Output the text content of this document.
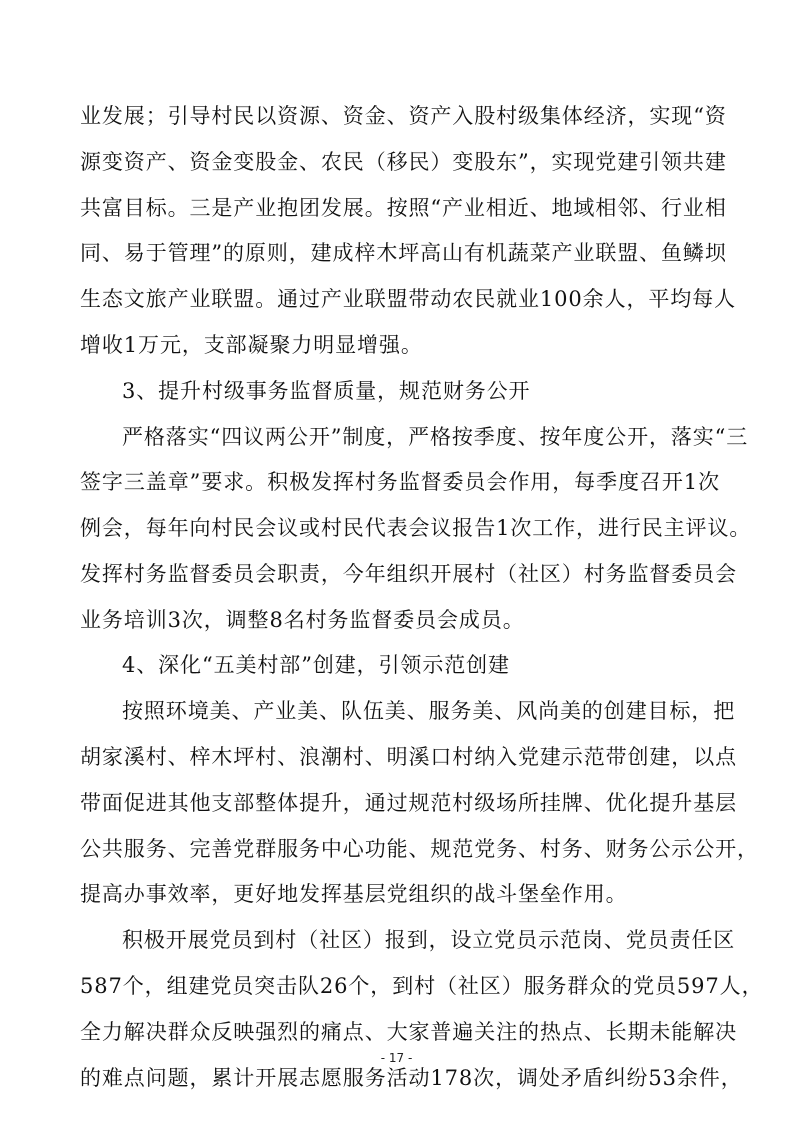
业发展；引导村民以资源、资金、资产入股村级集体经济，实现“资
源变资产、资金变股金、农民（移民）变股东”，实现党建引领共建
共富目标。三是产业抱团发展。按照“产业相近、地域相邻、行业相
同、易于管理”的原则，建成梓木坪高山有机蔬菜产业联盟、鱼鳞坝
生态文旅产业联盟。通过产业联盟带动农民就业100余人，平均每人
增收1万元，支部凝聚力明显增强。
3、提升村级事务监督质量，规范财务公开
严格落实“四议两公开”制度，严格按季度、按年度公开，落实“三
签字三盖章”要求。积极发挥村务监督委员会作用，每季度召开1次
例会，每年向村民会议或村民代表会议报告1次工作，进行民主评议。
发挥村务监督委员会职责，今年组织开展村（社区）村务监督委员会
业务培训3次，调整8名村务监督委员会成员。
4、深化“五美村部”创建，引领示范创建
按照环境美、产业美、队伍美、服务美、风尚美的创建目标，把
胡家溪村、梓木坪村、浪潮村、明溪口村纳入党建示范带创建，以点
带面促进其他支部整体提升，通过规范村级场所挂牌、优化提升基层
公共服务、完善党群服务中心功能、规范党务、村务、财务公示公开，
提高办事效率，更好地发挥基层党组织的战斗堡垒作用。
积极开展党员到村（社区）报到，设立党员示范岗、党员责任区
587个，组建党员突击队26个，到村（社区）服务群众的党员597人，
全力解决群众反映强烈的痛点、大家普遍关注的热点、长期未能解决
的难点问题，累计开展志愿服务活动178次，调处矛盾纠纷53余件，
- 17 -
